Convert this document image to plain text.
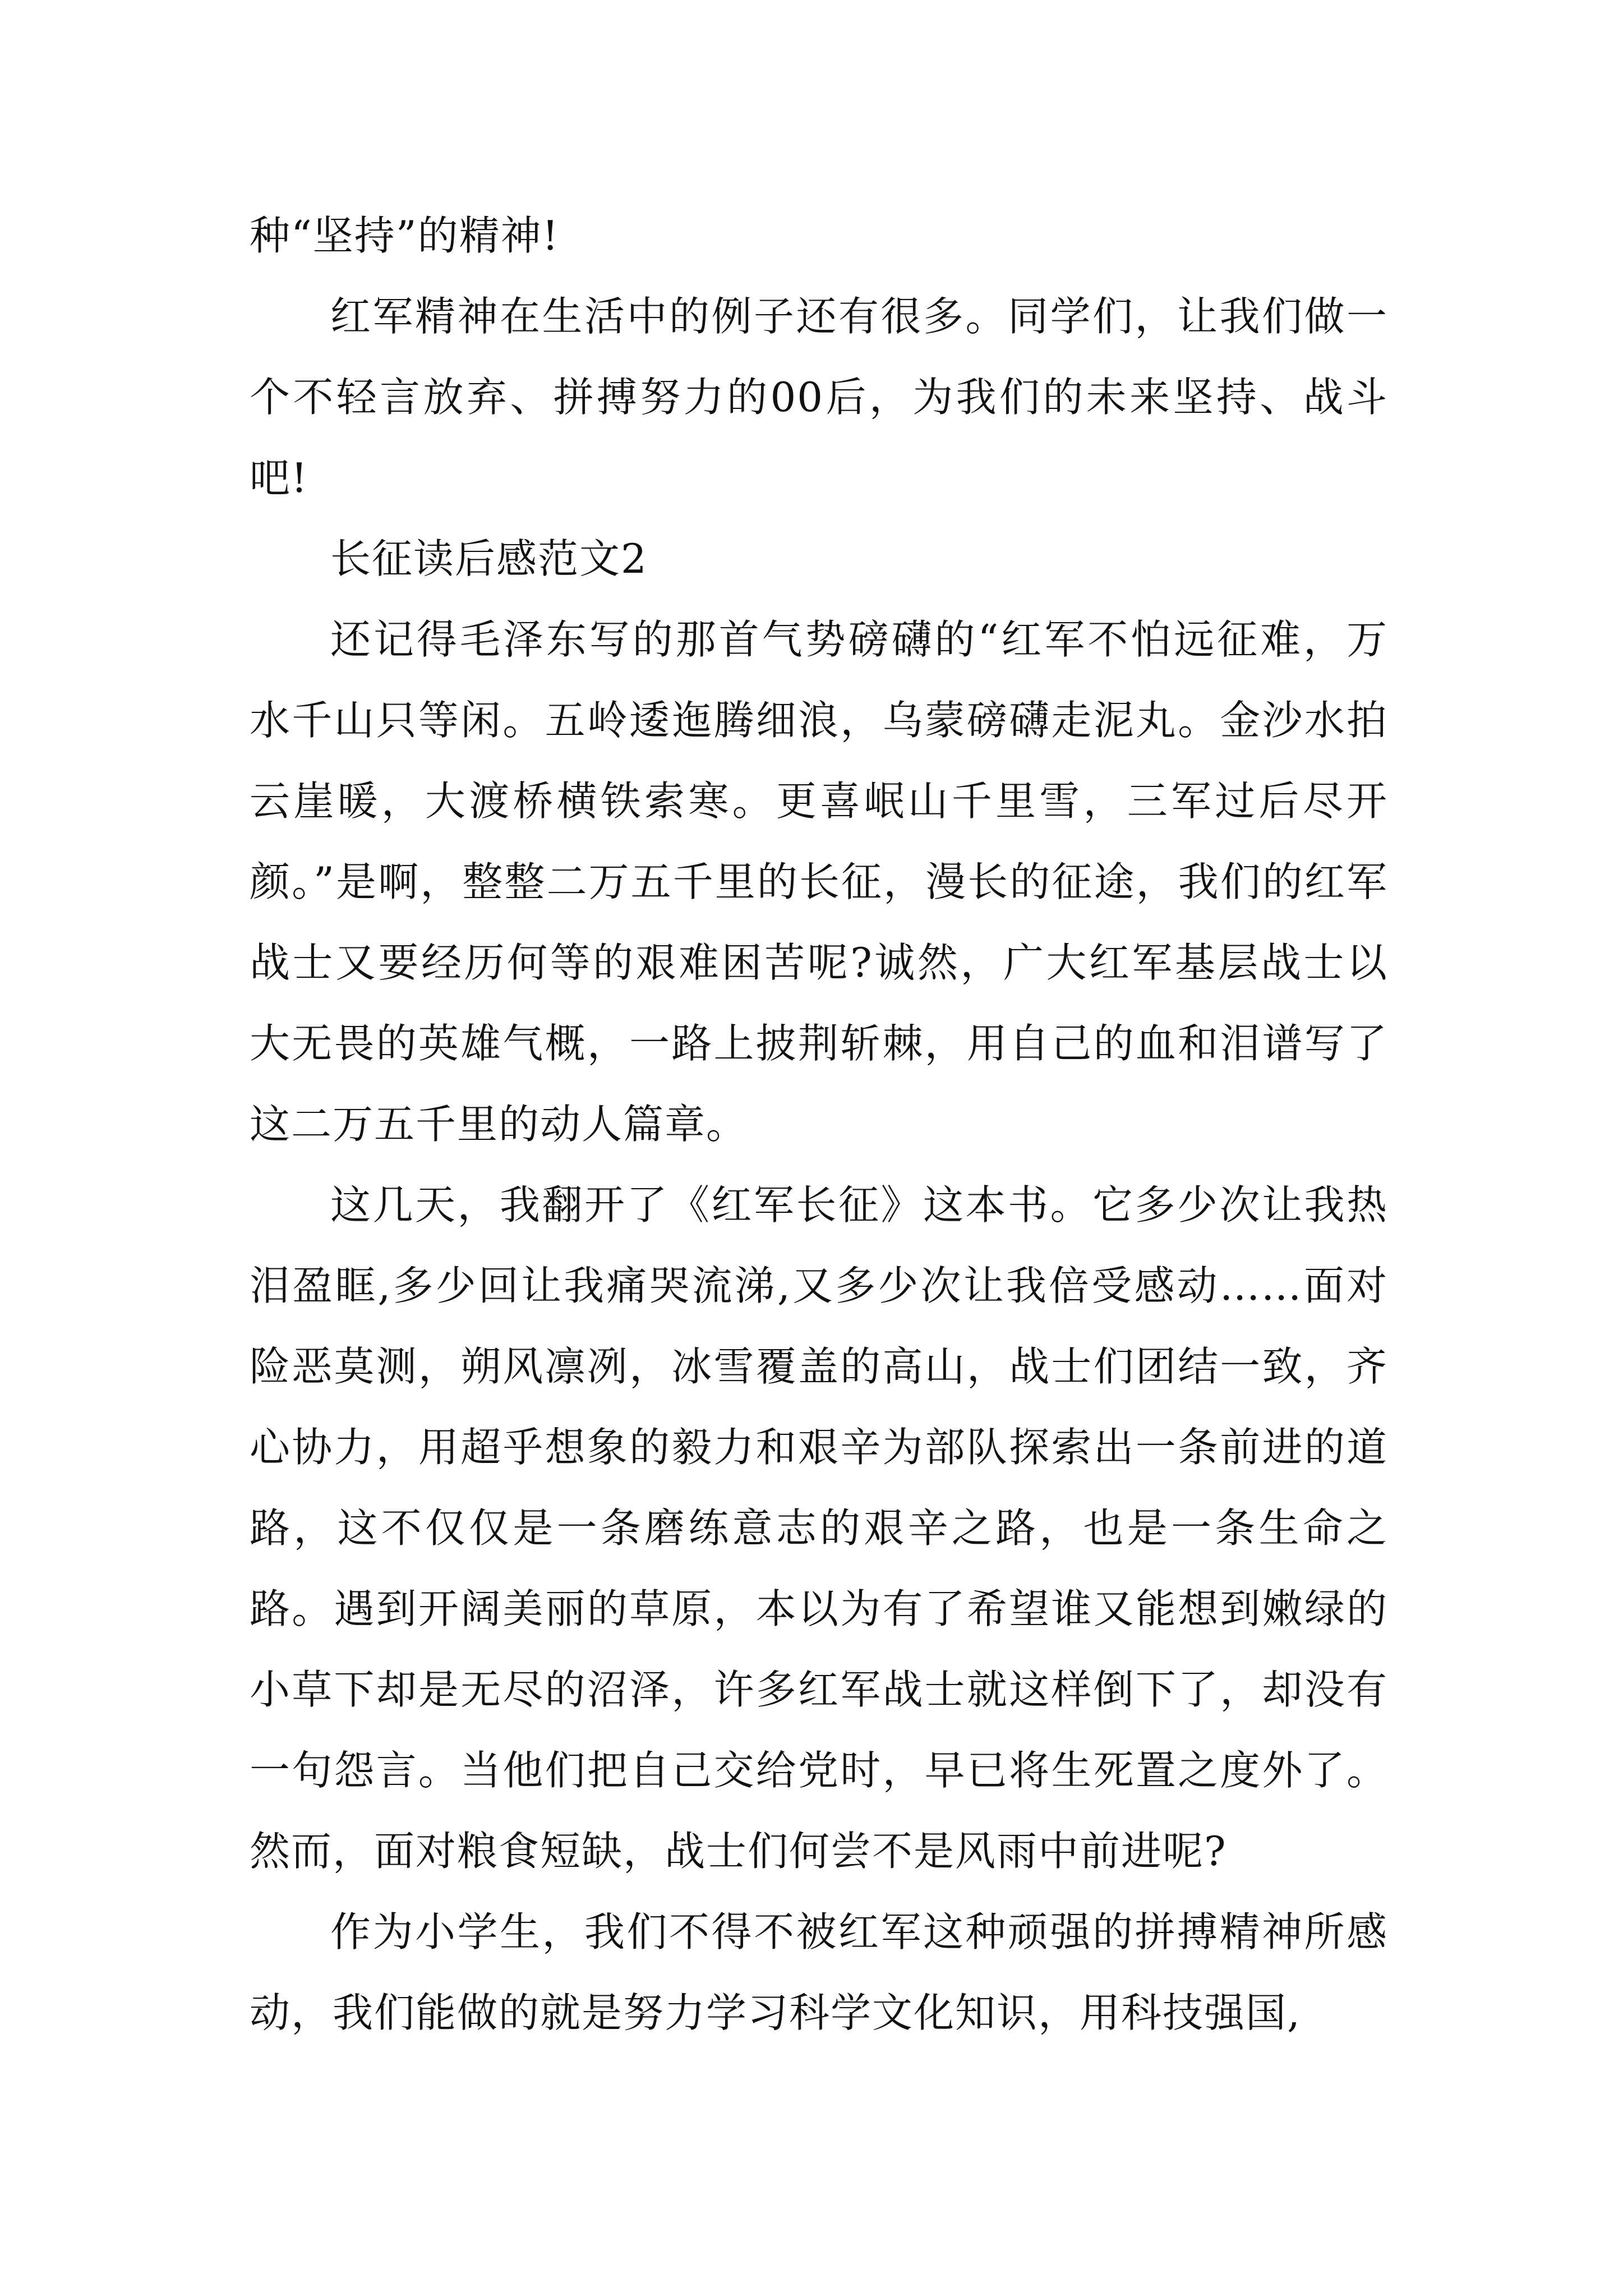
种“坚持”的精神!

红军精神在生活中的例子还有很多。同学们，让我们做一个不轻言放弃、拼搏努力的00后，为我们的未来坚持、战斗吧!

长征读后感范文2

还记得毛泽东写的那首气势磅礴的“红军不怕远征难，万水千山只等闲。五岭逶迤腾细浪，乌蒙磅礴走泥丸。金沙水拍云崖暖，大渡桥横铁索寒。更喜岷山千里雪，三军过后尽开颜。”是啊，整整二万五千里的长征，漫长的征途，我们的红军战士又要经历何等的艰难困苦呢?诚然，广大红军基层战士以大无畏的英雄气概，一路上披荆斩棘，用自己的血和泪谱写了这二万五千里的动人篇章。

这几天，我翻开了《红军长征》这本书。它多少次让我热泪盈眶,多少回让我痛哭流涕,又多少次让我倍受感动……面对险恶莫测，朔风凛冽，冰雪覆盖的高山，战士们团结一致，齐心协力，用超乎想象的毅力和艰辛为部队探索出一条前进的道路，这不仅仅是一条磨练意志的艰辛之路，也是一条生命之路。遇到开阔美丽的草原，本以为有了希望谁又能想到嫩绿的小草下却是无尽的沼泽，许多红军战士就这样倒下了，却没有一句怨言。当他们把自己交给党时，早已将生死置之度外了。然而，面对粮食短缺，战士们何尝不是风雨中前进呢?

作为小学生，我们不得不被红军这种顽强的拼搏精神所感动，我们能做的就是努力学习科学文化知识，用科技强国,
